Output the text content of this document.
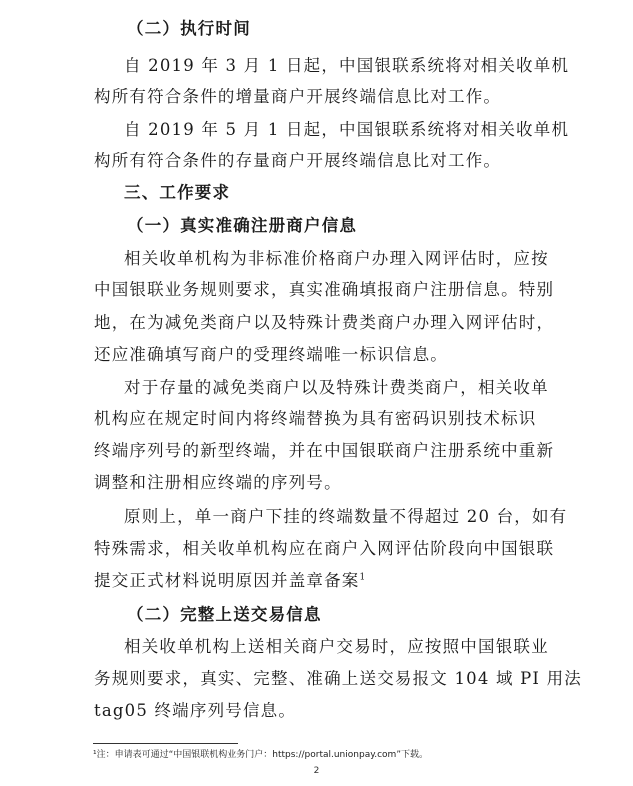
（二）执行时间
自 2019 年 3 月 1 日起，中国银联系统将对相关收单机
构所有符合条件的增量商户开展终端信息比对工作。
自 2019 年 5 月 1 日起，中国银联系统将对相关收单机
构所有符合条件的存量商户开展终端信息比对工作。
三、工作要求
（一）真实准确注册商户信息
相关收单机构为非标准价格商户办理入网评估时，应按
中国银联业务规则要求，真实准确填报商户注册信息。特别
地，在为减免类商户以及特殊计费类商户办理入网评估时，
还应准确填写商户的受理终端唯一标识信息。
对于存量的减免类商户以及特殊计费类商户，相关收单
机构应在规定时间内将终端替换为具有密码识别技术标识
终端序列号的新型终端，并在中国银联商户注册系统中重新
调整和注册相应终端的序列号。
原则上，单一商户下挂的终端数量不得超过 20 台，如有
特殊需求，相关收单机构应在商户入网评估阶段向中国银联
提交正式材料说明原因并盖章备案$^1$
（二）完整上送交易信息
相关收单机构上送相关商户交易时，应按照中国银联业
务规则要求，真实、完整、准确上送交易报文 104 域 PI 用法
tag05 终端序列号信息。
¹注：申请表可通过“中国银联机构业务门户：https://portal.unionpay.com”下载。
2
